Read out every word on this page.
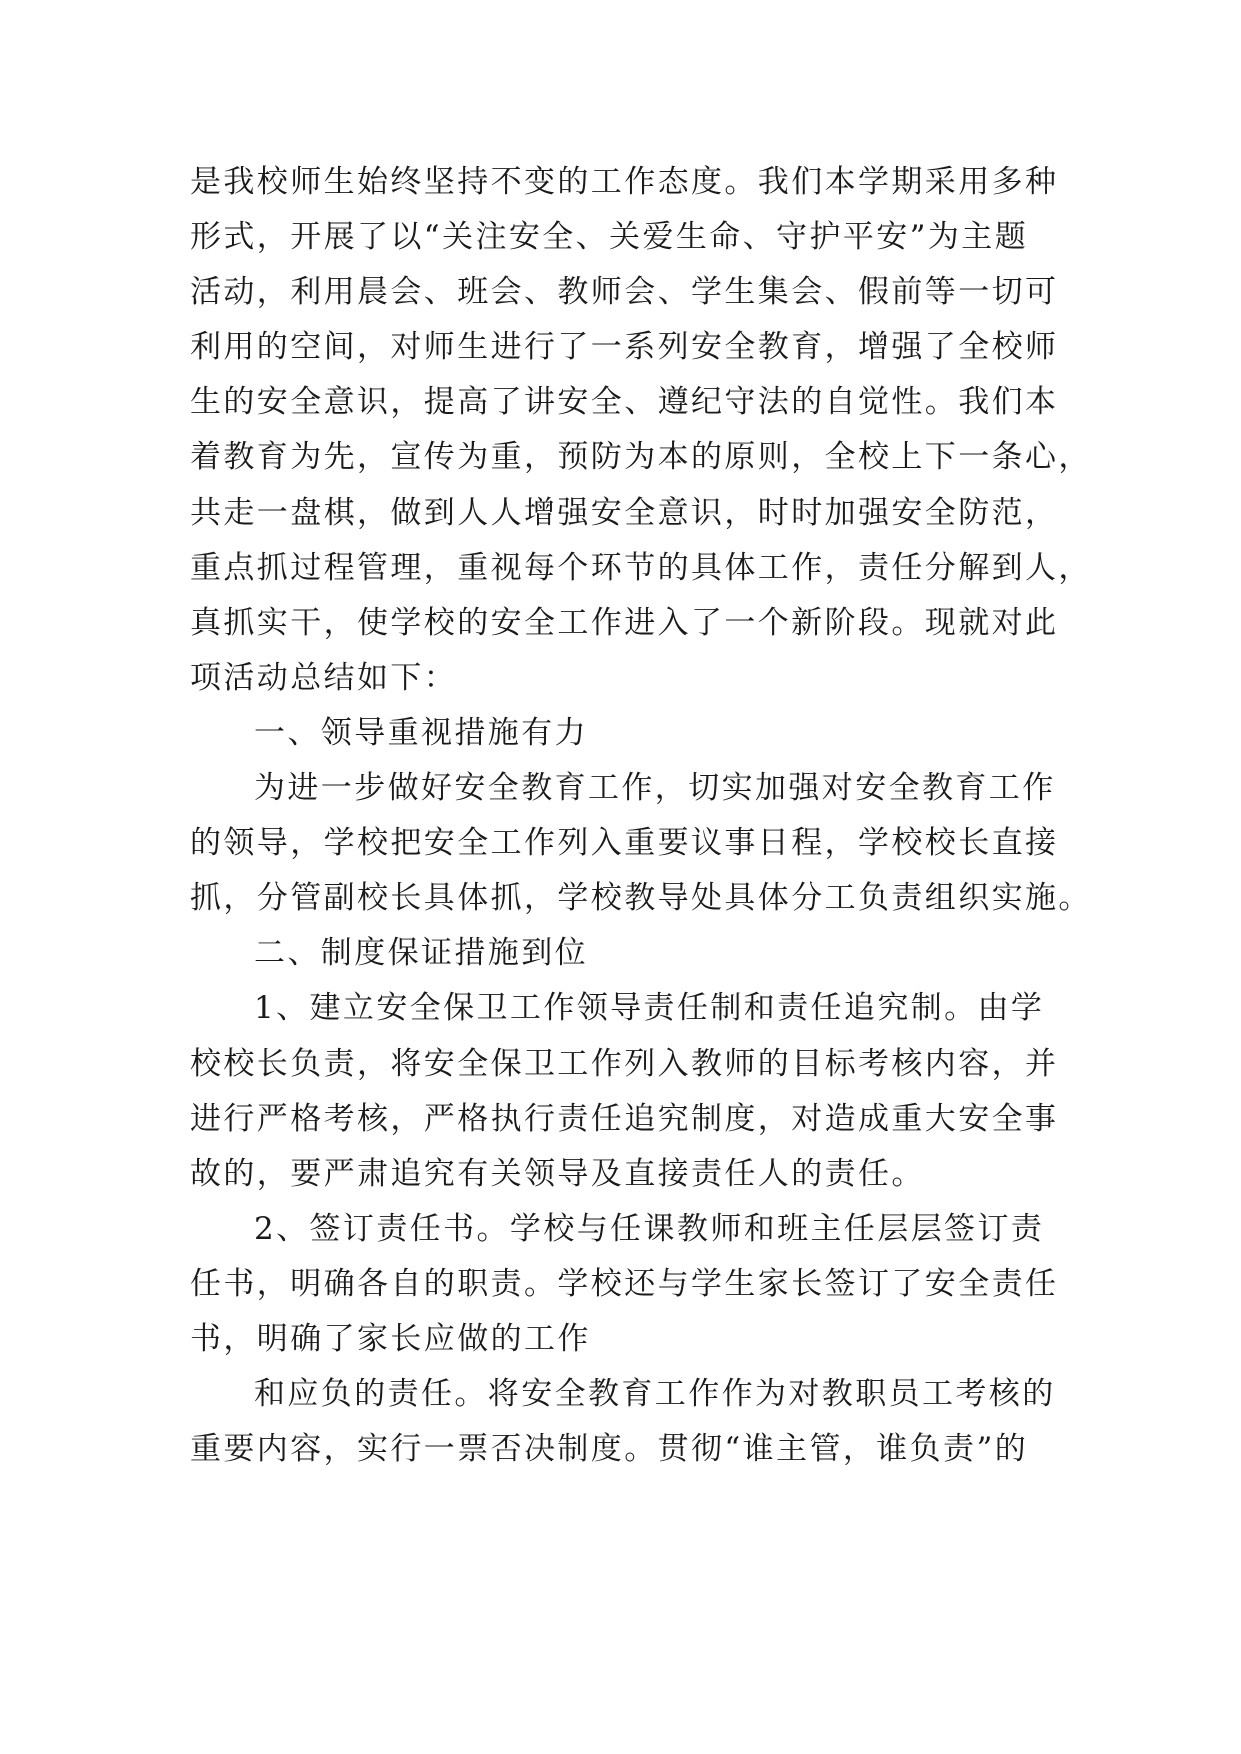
是我校师生始终坚持不变的工作态度。我们本学期采用多种
形式，开展了以“关注安全、关爱生命、守护平安”为主题
活动，利用晨会、班会、教师会、学生集会、假前等一切可
利用的空间，对师生进行了一系列安全教育，增强了全校师
生的安全意识，提高了讲安全、遵纪守法的自觉性。我们本
着教育为先，宣传为重，预防为本的原则，全校上下一条心，
共走一盘棋，做到人人增强安全意识，时时加强安全防范，
重点抓过程管理，重视每个环节的具体工作，责任分解到人，
真抓实干，使学校的安全工作进入了一个新阶段。现就对此
项活动总结如下：
一、领导重视措施有力
为进一步做好安全教育工作，切实加强对安全教育工作
的领导，学校把安全工作列入重要议事日程，学校校长直接
抓，分管副校长具体抓，学校教导处具体分工负责组织实施。
二、制度保证措施到位
1、建立安全保卫工作领导责任制和责任追究制。由学
校校长负责，将安全保卫工作列入教师的目标考核内容，并
进行严格考核，严格执行责任追究制度，对造成重大安全事
故的，要严肃追究有关领导及直接责任人的责任。
2、签订责任书。学校与任课教师和班主任层层签订责
任书，明确各自的职责。学校还与学生家长签订了安全责任
书，明确了家长应做的工作
和应负的责任。将安全教育工作作为对教职员工考核的
重要内容，实行一票否决制度。贯彻“谁主管，谁负责”的
